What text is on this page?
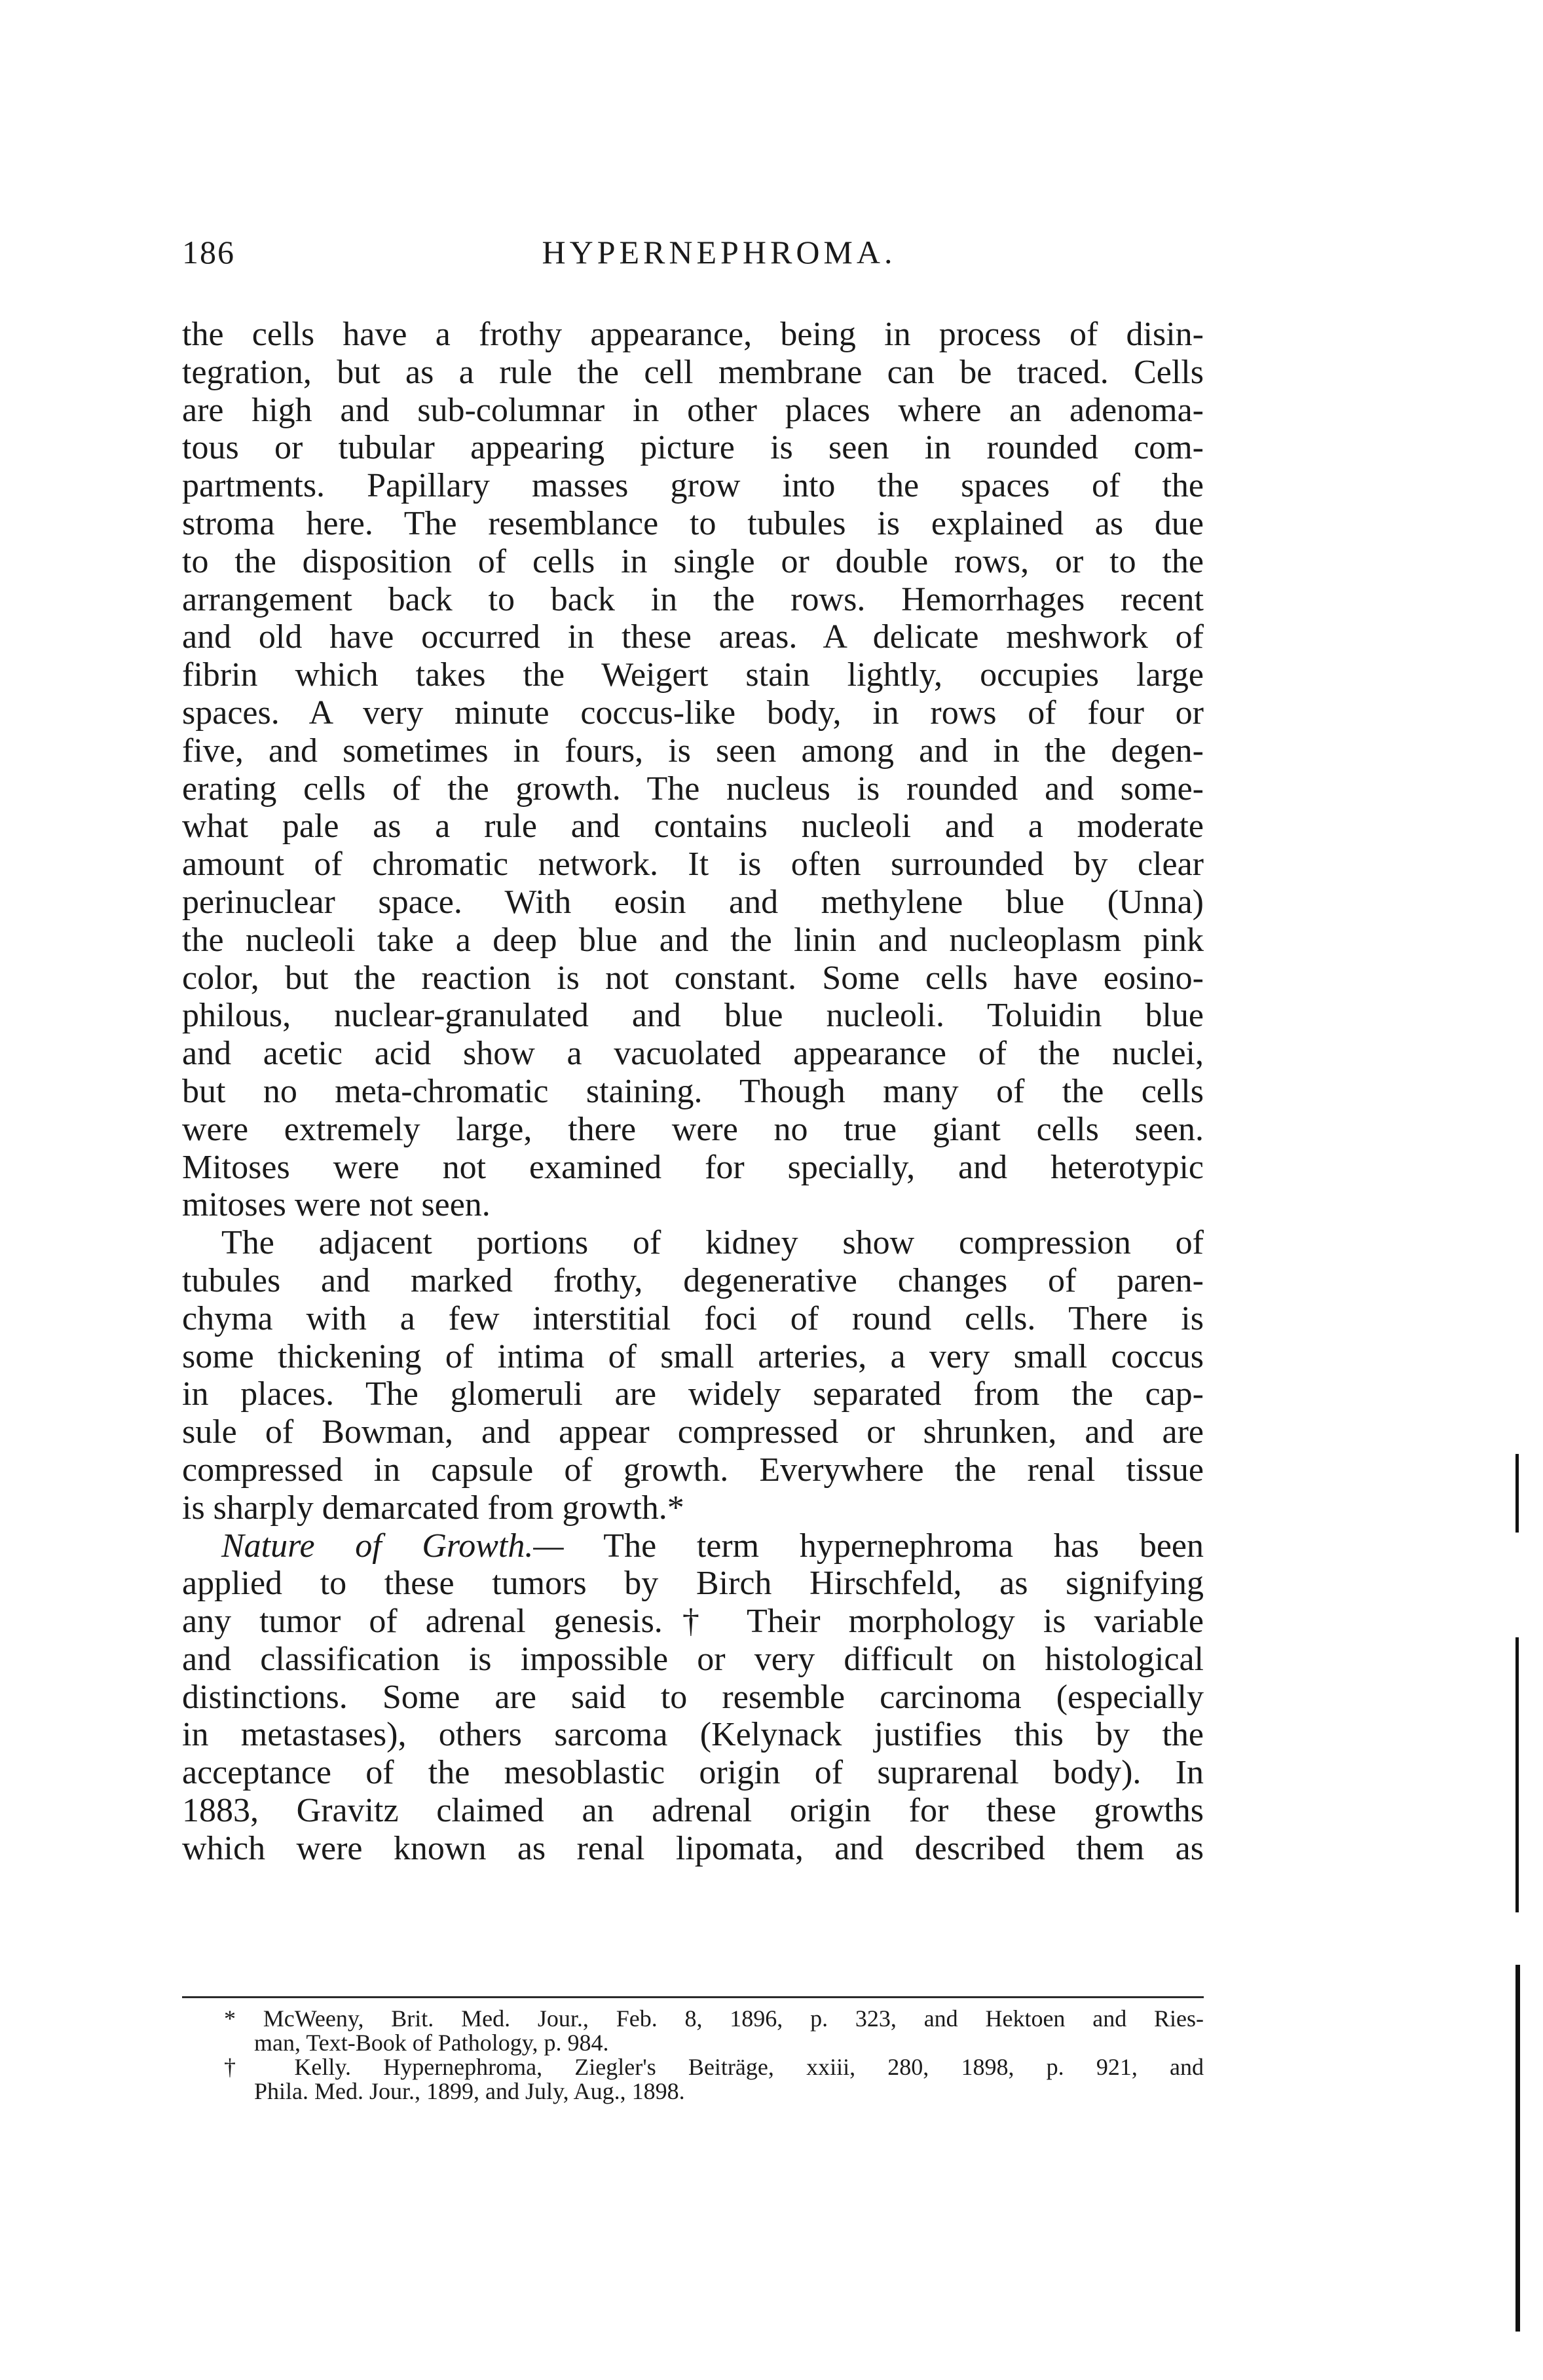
186	HYPERNEPHROMA.
the cells have a frothy appearance, being in process of disin-
tegration, but as a rule the cell membrane can be traced. Cells
are high and sub-columnar in other places where an adenoma-
tous or tubular appearing picture is seen in rounded com-
partments. Papillary masses grow into the spaces of the
stroma here. The resemblance to tubules is explained as due
to the disposition of cells in single or double rows, or to the
arrangement back to back in the rows. Hemorrhages recent
and old have occurred in these areas. A delicate meshwork of
fibrin which takes the Weigert stain lightly, occupies large
spaces. A very minute coccus-like body, in rows of four or
five, and sometimes in fours, is seen among and in the degen-
erating cells of the growth. The nucleus is rounded and some-
what pale as a rule and contains nucleoli and a moderate
amount of chromatic network. It is often surrounded by clear
perinuclear space. With eosin and methylene blue (Unna)
the nucleoli take a deep blue and the linin and nucleoplasm pink
color, but the reaction is not constant. Some cells have eosino-
philous, nuclear-granulated and blue nucleoli. Toluidin blue
and acetic acid show a vacuolated appearance of the nuclei,
but no meta-chromatic staining. Though many of the cells
were extremely large, there were no true giant cells seen.
Mitoses were not examined for specially, and heterotypic
mitoses were not seen.
The adjacent portions of kidney show compression of
tubules and marked frothy, degenerative changes of paren-
chyma with a few interstitial foci of round cells. There is
some thickening of intima of small arteries, a very small coccus
in places. The glomeruli are widely separated from the cap-
sule of Bowman, and appear compressed or shrunken, and are
compressed in capsule of growth. Everywhere the renal tissue
is sharply demarcated from growth.*
Nature of Growth.— The term hypernephroma has been
applied to these tumors by Birch Hirschfeld, as signifying
any tumor of adrenal genesis.† Their morphology is variable
and classification is impossible or very difficult on histological
distinctions. Some are said to resemble carcinoma (especially
in metastases), others sarcoma (Kelynack justifies this by the
acceptance of the mesoblastic origin of suprarenal body). In
1883, Gravitz claimed an adrenal origin for these growths
which were known as renal lipomata, and described them as
* McWeeny, Brit. Med. Jour., Feb. 8, 1896, p. 323, and Hektoen and Ries-
man, Text-Book of Pathology, p. 984.
† Kelly. Hypernephroma, Ziegler's Beiträge, xxiii, 280, 1898, p. 921, and
Phila. Med. Jour., 1899, and July, Aug., 1898.
